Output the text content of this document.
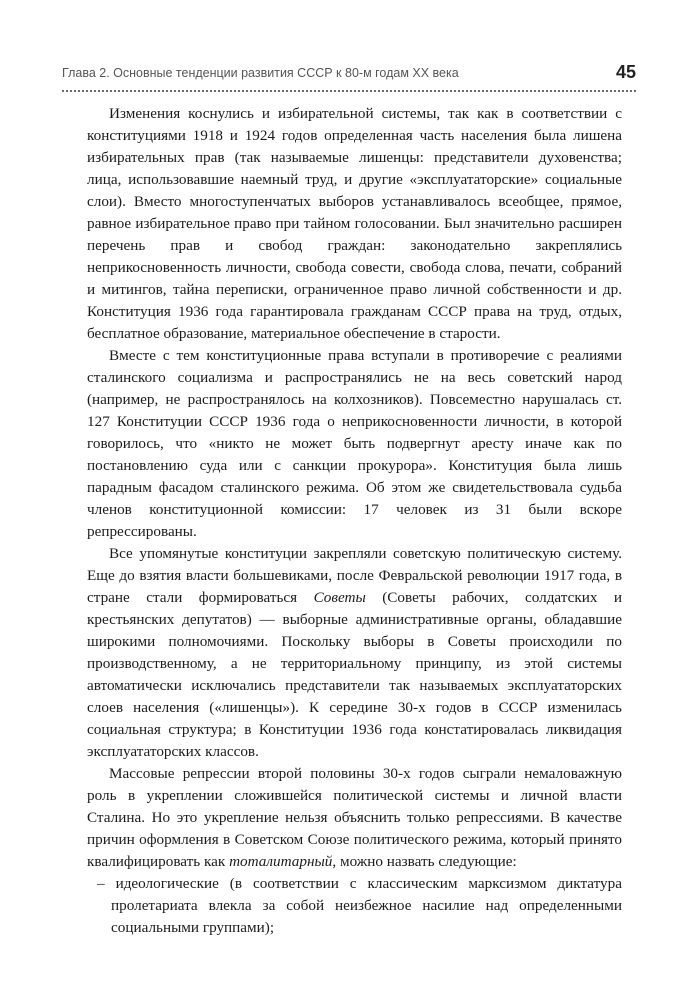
Глава 2. Основные тенденции развития СССР к 80-м годам XX века	45

Изменения коснулись и избирательной системы, так как в соответствии с конституциями 1918 и 1924 годов определенная часть населения была лишена избирательных прав (так называемые лишенцы: представители духовенства; лица, использовавшие наемный труд, и другие «эксплуататорские» социальные слои). Вместо многоступенчатых выборов устанавливалось всеобщее, прямое, равное избирательное право при тайном голосовании. Был значительно расширен перечень прав и свобод граждан: законодательно закреплялись неприкосновенность личности, свобода совести, свобода слова, печати, собраний и митингов, тайна переписки, ограниченное право личной собственности и др. Конституция 1936 года гарантировала гражданам СССР права на труд, отдых, бесплатное образование, материальное обеспечение в старости.

Вместе с тем конституционные права вступали в противоречие с реалиями сталинского социализма и распространялись не на весь советский народ (например, не распространялось на колхозников). Повсеместно нарушалась ст. 127 Конституции СССР 1936 года о неприкосновенности личности, в которой говорилось, что «никто не может быть подвергнут аресту иначе как по постановлению суда или с санкции прокурора». Конституция была лишь парадным фасадом сталинского режима. Об этом же свидетельствовала судьба членов конституционной комиссии: 17 человек из 31 были вскоре репрессированы.

Все упомянутые конституции закрепляли советскую политическую систему. Еще до взятия власти большевиками, после Февральской революции 1917 года, в стране стали формироваться Советы (Советы рабочих, солдатских и крестьянских депутатов) — выборные административные органы, обладавшие широкими полномочиями. Поскольку выборы в Советы происходили по производственному, а не территориальному принципу, из этой системы автоматически исключались представители так называемых эксплуататорских слоев населения («лишенцы»). К середине 30-х годов в СССР изменилась социальная структура; в Конституции 1936 года констатировалась ликвидация эксплуататорских классов.

Массовые репрессии второй половины 30-х годов сыграли немаловажную роль в укреплении сложившейся политической системы и личной власти Сталина. Но это укрепление нельзя объяснить только репрессиями. В качестве причин оформления в Советском Союзе политического режима, который принято квалифицировать как тоталитарный, можно назвать следующие:

– идеологические (в соответствии с классическим марксизмом диктатура пролетариата влекла за собой неизбежное насилие над определенными социальными группами);
